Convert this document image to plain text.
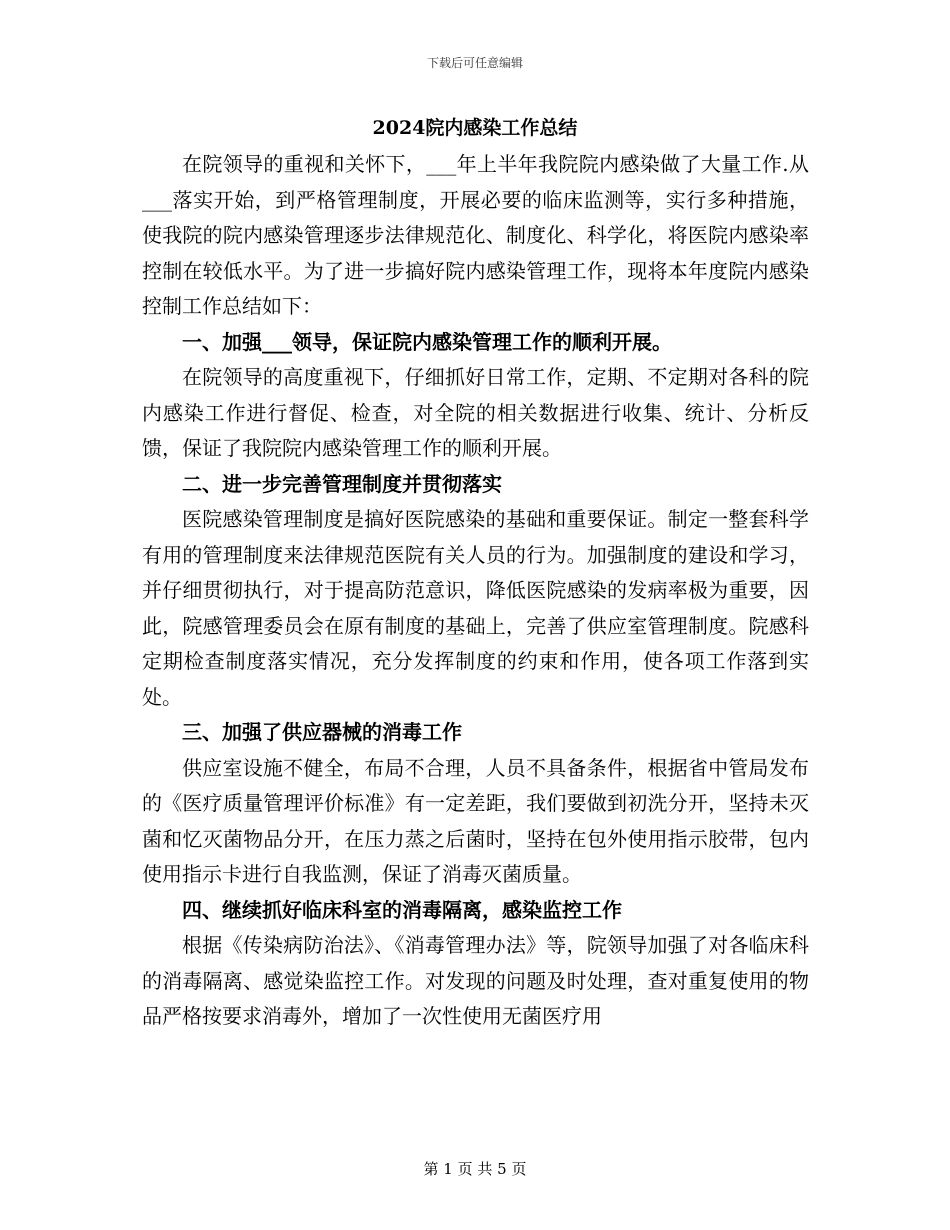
下载后可任意编辑
2024院内感染工作总结

在院领导的重视和关怀下，___年上半年我院院内感染做了大量工作.从___落实开始，到严格管理制度，开展必要的临床监测等，实行多种措施，使我院的院内感染管理逐步法律规范化、制度化、科学化，将医院内感染率控制在较低水平。为了进一步搞好院内感染管理工作，现将本年度院内感染控制工作总结如下：

一、加强___领导，保证院内感染管理工作的顺利开展。

在院领导的高度重视下，仔细抓好日常工作，定期、不定期对各科的院内感染工作进行督促、检查，对全院的相关数据进行收集、统计、分析反馈，保证了我院院内感染管理工作的顺利开展。

二、进一步完善管理制度并贯彻落实

医院感染管理制度是搞好医院感染的基础和重要保证。制定一整套科学有用的管理制度来法律规范医院有关人员的行为。加强制度的建设和学习，并仔细贯彻执行，对于提高防范意识，降低医院感染的发病率极为重要，因此，院感管理委员会在原有制度的基础上，完善了供应室管理制度。院感科定期检查制度落实情况，充分发挥制度的约束和作用，使各项工作落到实处。

三、加强了供应器械的消毒工作

供应室设施不健全，布局不合理，人员不具备条件，根据省中管局发布的《医疗质量管理评价标准》有一定差距，我们要做到初洗分开，坚持未灭菌和忆灭菌物品分开，在压力蒸之后菌时，坚持在包外使用指示胶带，包内使用指示卡进行自我监测，保证了消毒灭菌质量。

四、继续抓好临床科室的消毒隔离，感染监控工作

根据《传染病防治法》、《消毒管理办法》等，院领导加强了对各临床科的消毒隔离、感觉染监控工作。对发现的问题及时处理，查对重复使用的物品严格按要求消毒外，增加了一次性使用无菌医疗用

第 1 页 共 5 页
